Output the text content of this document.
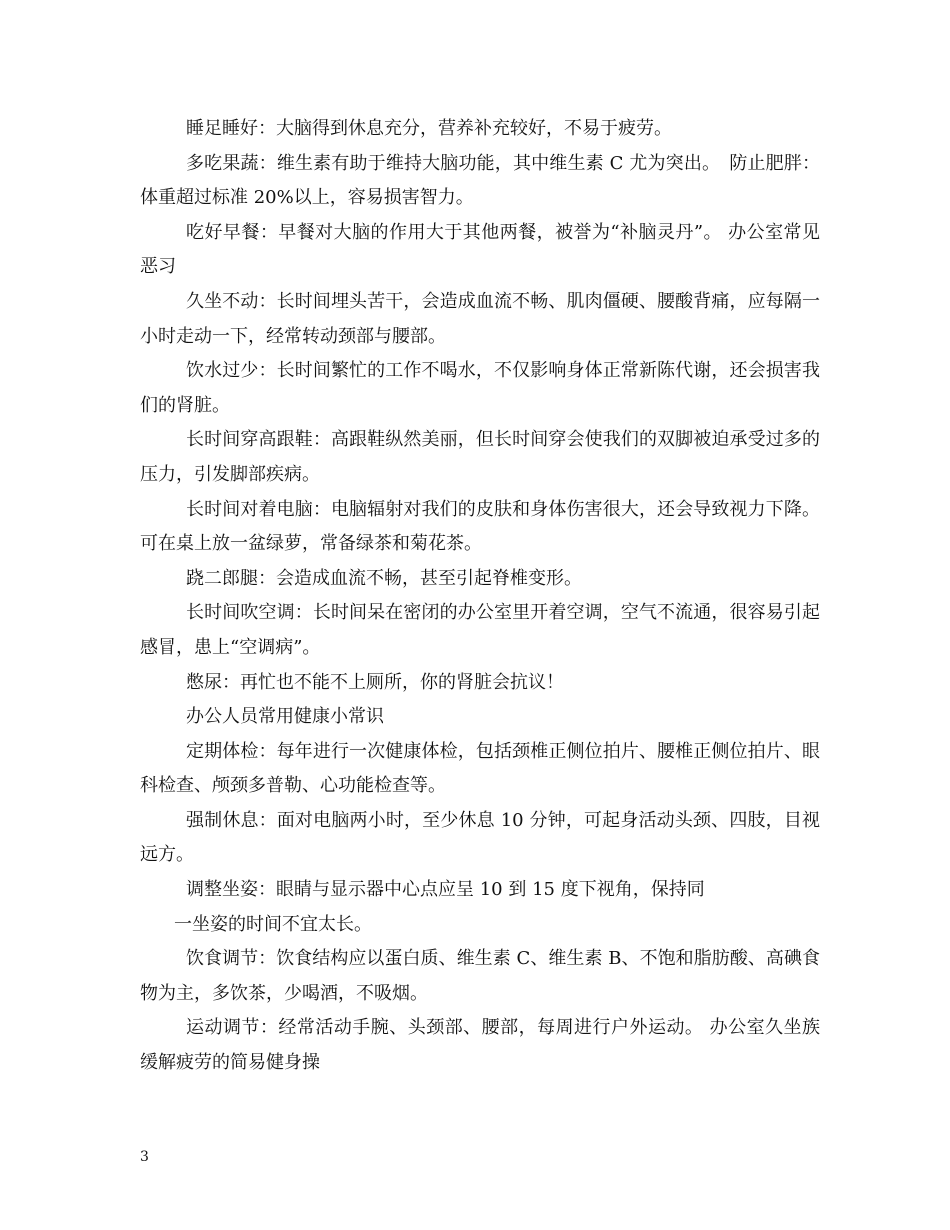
睡足睡好：大脑得到休息充分，营养补充较好，不易于疲劳。

多吃果蔬：维生素有助于维持大脑功能，其中维生素 C 尤为突出。　防止肥胖：体重超过标准 20%以上，容易损害智力。

吃好早餐：早餐对大脑的作用大于其他两餐，被誉为“补脑灵丹”。 办公室常见恶习

久坐不动：长时间埋头苦干，会造成血流不畅、肌肉僵硬、腰酸背痛，应每隔一小时走动一下，经常转动颈部与腰部。

饮水过少：长时间繁忙的工作不喝水，不仅影响身体正常新陈代谢，还会损害我们的肾脏。

长时间穿高跟鞋：高跟鞋纵然美丽，但长时间穿会使我们的双脚被迫承受过多的压力，引发脚部疾病。

长时间对着电脑：电脑辐射对我们的皮肤和身体伤害很大，还会导致视力下降。可在桌上放一盆绿萝，常备绿茶和菊花茶。

跷二郎腿：会造成血流不畅，甚至引起脊椎变形。

长时间吹空调：长时间呆在密闭的办公室里开着空调，空气不流通，很容易引起感冒，患上“空调病”。

憋尿：再忙也不能不上厕所，你的肾脏会抗议！

办公人员常用健康小常识

定期体检：每年进行一次健康体检，包括颈椎正侧位拍片、腰椎正侧位拍片、眼科检查、颅颈多普勒、心功能检查等。

强制休息：面对电脑两小时，至少休息 10 分钟，可起身活动头颈、四肢，目视远方。

调整坐姿：眼睛与显示器中心点应呈 10 到 15 度下视角，保持同

一坐姿的时间不宜太长。

饮食调节：饮食结构应以蛋白质、维生素 C、维生素 B、不饱和脂肪酸、高碘食物为主，多饮茶，少喝酒，不吸烟。

运动调节：经常活动手腕、头颈部、腰部，每周进行户外运动。 办公室久坐族缓解疲劳的简易健身操

3
